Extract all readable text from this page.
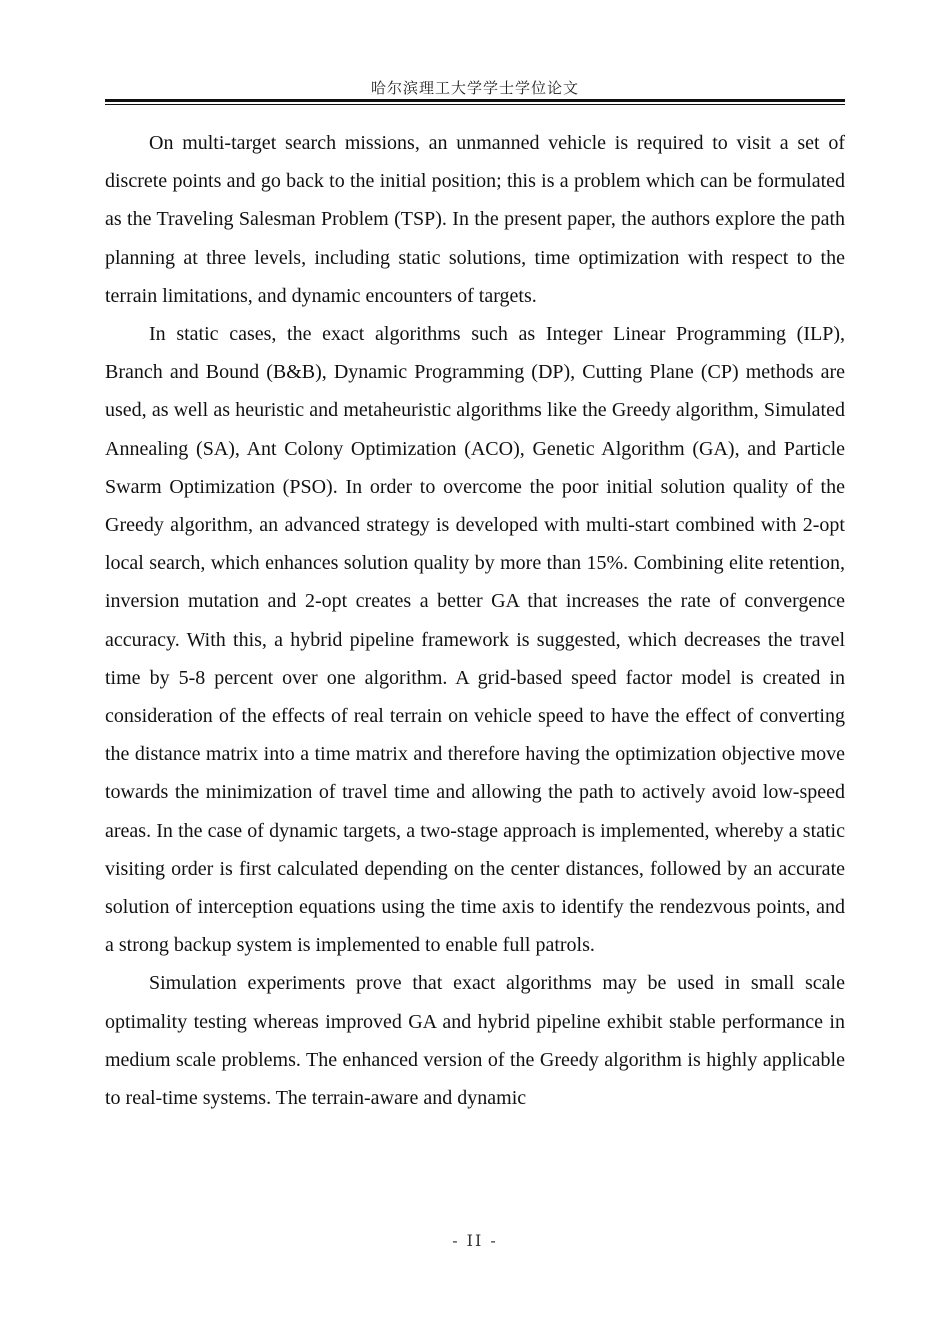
哈尔滨理工大学学士学位论文

On multi-target search missions, an unmanned vehicle is required to visit a set of discrete points and go back to the initial position; this is a problem which can be formulated as the Traveling Salesman Problem (TSP). In the present paper, the authors explore the path planning at three levels, including static solutions, time optimization with respect to the terrain limitations, and dynamic encounters of targets.

In static cases, the exact algorithms such as Integer Linear Programming (ILP), Branch and Bound (B&B), Dynamic Programming (DP), Cutting Plane (CP) methods are used, as well as heuristic and metaheuristic algorithms like the Greedy algorithm, Simulated Annealing (SA), Ant Colony Optimization (ACO), Genetic Algorithm (GA), and Particle Swarm Optimization (PSO). In order to overcome the poor initial solution quality of the Greedy algorithm, an advanced strategy is developed with multi-start combined with 2-opt local search, which enhances solution quality by more than 15%. Combining elite retention, inversion mutation and 2-opt creates a better GA that increases the rate of convergence accuracy. With this, a hybrid pipeline framework is suggested, which decreases the travel time by 5-8 percent over one algorithm. A grid-based speed factor model is created in consideration of the effects of real terrain on vehicle speed to have the effect of converting the distance matrix into a time matrix and therefore having the optimization objective move towards the minimization of travel time and allowing the path to actively avoid low-speed areas. In the case of dynamic targets, a two-stage approach is implemented, whereby a static visiting order is first calculated depending on the center distances, followed by an accurate solution of interception equations using the time axis to identify the rendezvous points, and a strong backup system is implemented to enable full patrols.

Simulation experiments prove that exact algorithms may be used in small scale optimality testing whereas improved GA and hybrid pipeline exhibit stable performance in medium scale problems. The enhanced version of the Greedy algorithm is highly applicable to real-time systems. The terrain-aware and dynamic

- II -
